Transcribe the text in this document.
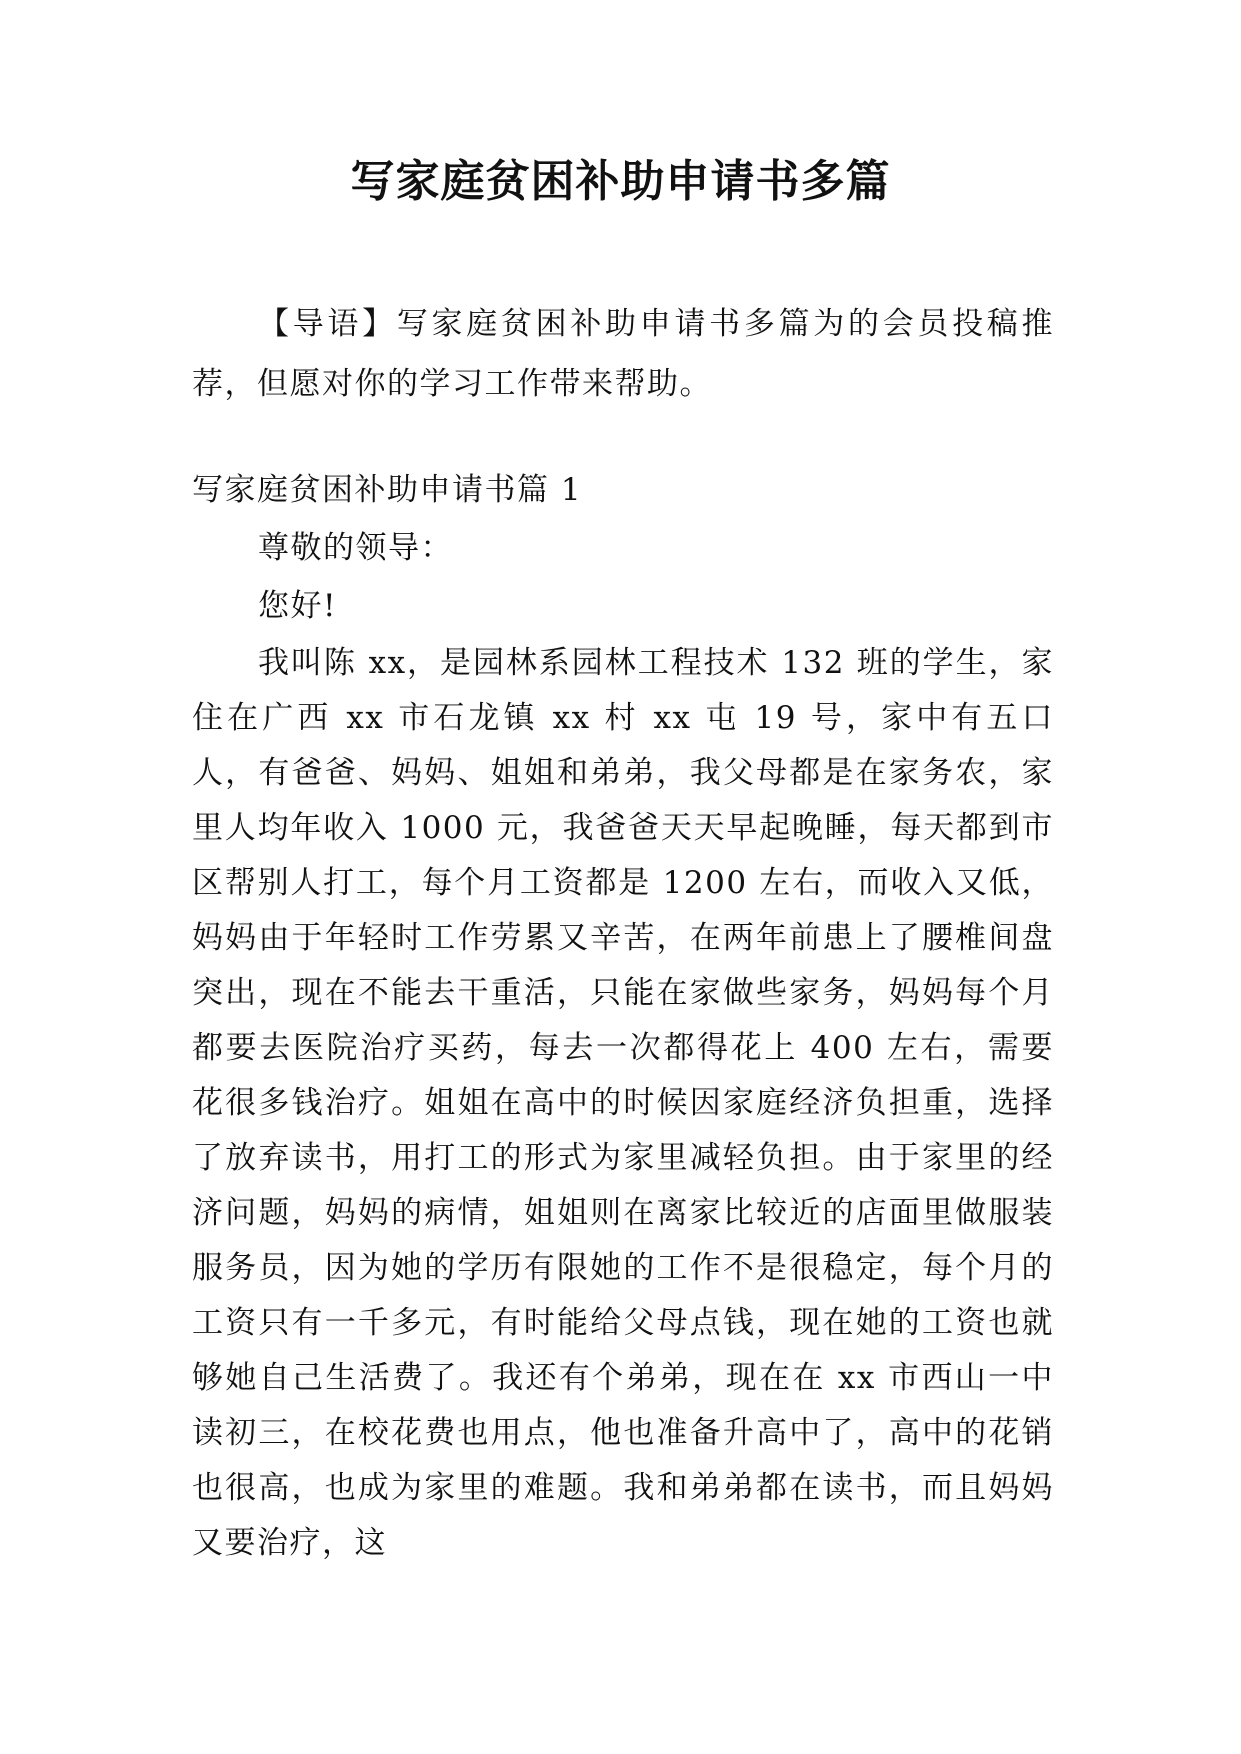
写家庭贫困补助申请书多篇

【导语】写家庭贫困补助申请书多篇为的会员投稿推荐，但愿对你的学习工作带来帮助。

写家庭贫困补助申请书篇 1

尊敬的领导：

您好!

我叫陈 xx，是园林系园林工程技术 132 班的学生，家住在广西 xx 市石龙镇 xx 村 xx 屯 19 号，家中有五口人，有爸爸、妈妈、姐姐和弟弟，我父母都是在家务农，家里人均年收入 1000 元，我爸爸天天早起晚睡，每天都到市区帮别人打工，每个月工资都是 1200 左右，而收入又低，妈妈由于年轻时工作劳累又辛苦，在两年前患上了腰椎间盘突出，现在不能去干重活，只能在家做些家务，妈妈每个月都要去医院治疗买药，每去一次都得花上 400 左右，需要花很多钱治疗。姐姐在高中的时候因家庭经济负担重，选择了放弃读书，用打工的形式为家里减轻负担。由于家里的经济问题，妈妈的病情，姐姐则在离家比较近的店面里做服装服务员，因为她的学历有限她的工作不是很稳定，每个月的工资只有一千多元，有时能给父母点钱，现在她的工资也就够她自己生活费了。我还有个弟弟，现在在 xx 市西山一中读初三，在校花费也用点，他也准备升高中了，高中的花销也很高，也成为家里的难题。我和弟弟都在读书，而且妈妈又要治疗，这
